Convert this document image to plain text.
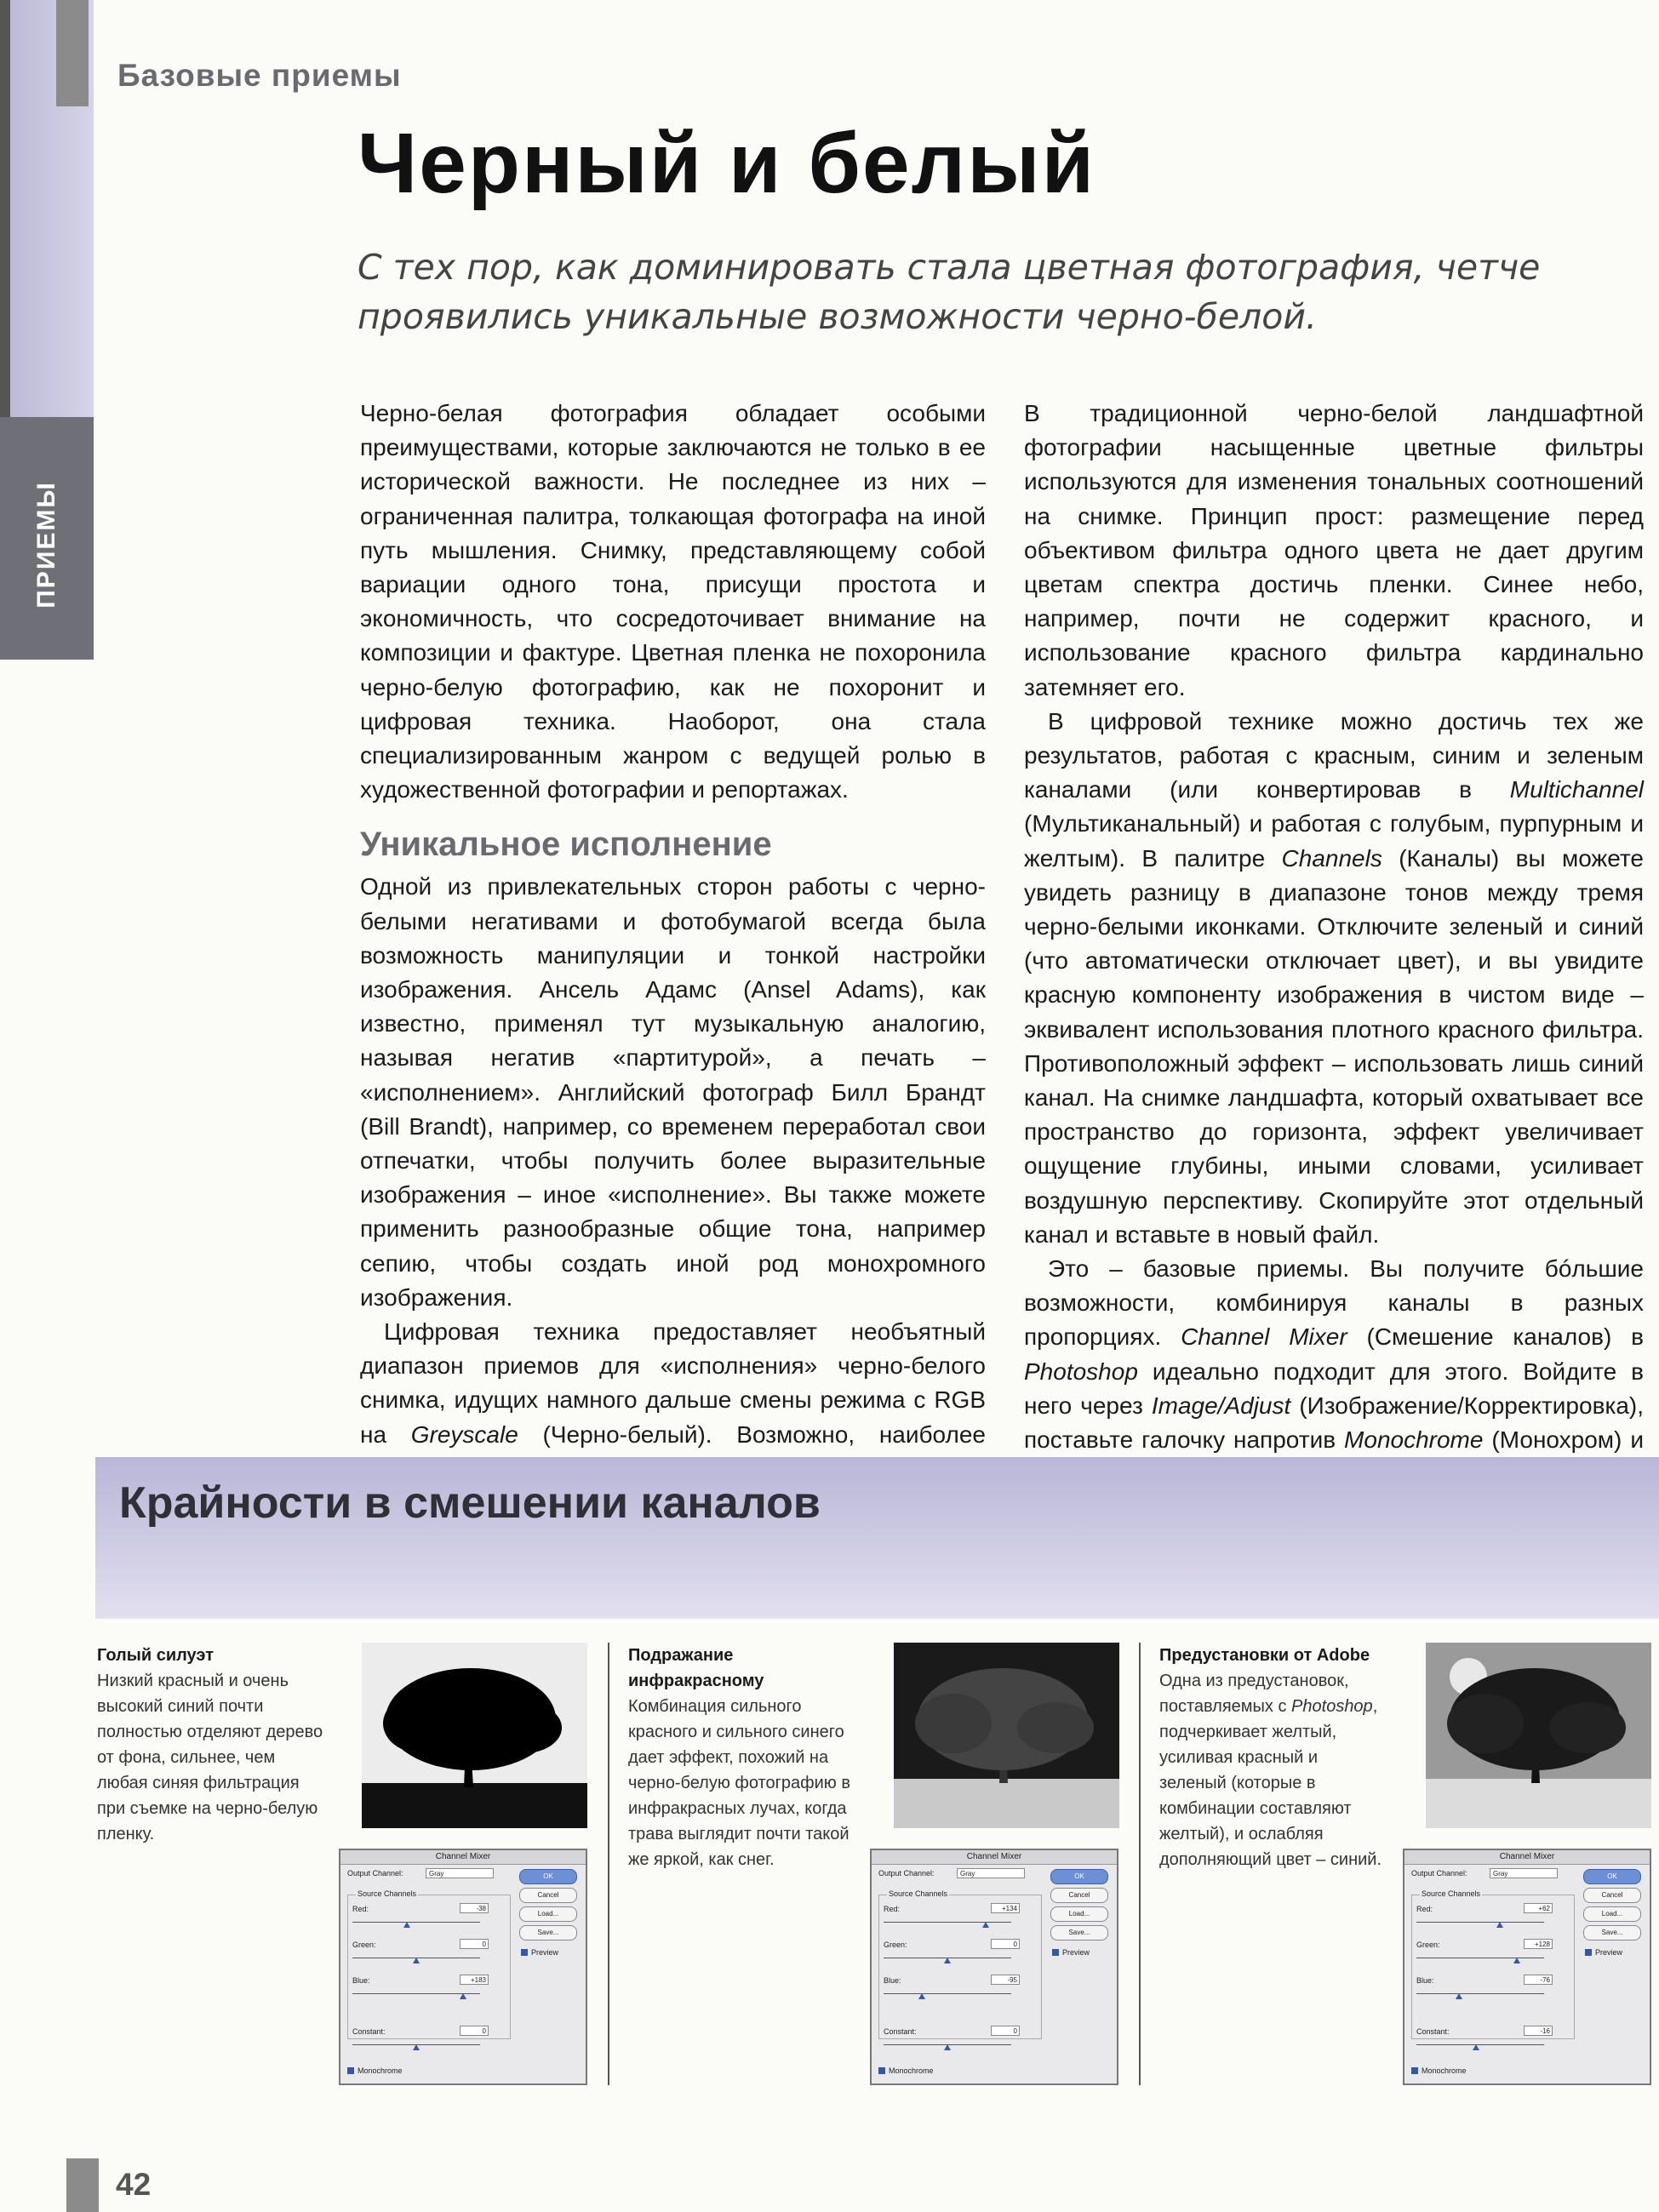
ПРИЕМЫ
Базовые приемы
Черный и белый
С тех пор, как доминировать стала цветная фотография, четче проявились уникальные возможности черно-белой.

Черно-белая фотография обладает особыми преимуществами, которые заключаются не только в ее исторической важности. Не последнее из них – ограниченная палитра, толкающая фотографа на иной путь мышления. Снимку, представляющему собой вариации одного тона, присущи простота и экономичность, что сосредоточивает внимание на композиции и фактуре. Цветная пленка не похоронила черно-белую фотографию, как не похоронит и цифровая техника. Наоборот, она стала специализированным жанром с ведущей ролью в художественной фотографии и репортажах.

Уникальное исполнение

Одной из привлекательных сторон работы с черно-белыми негативами и фотобумагой всегда была возможность манипуляции и тонкой настройки изображения. Ансель Адамс (Ansel Adams), как известно, применял тут музыкальную аналогию, называя негатив «партитурой», а печать – «исполнением». Английский фотограф Билл Брандт (Bill Brandt), например, со временем переработал свои отпечатки, чтобы получить более выразительные изображения – иное «исполнение». Вы также можете применить разнообразные общие тона, например сепию, чтобы создать иной род монохромного изображения.

Цифровая техника предоставляет необъятный диапазон приемов для «исполнения» черно-белого снимка, идущих намного дальше смены режима с RGB на Greyscale (Черно-белый). Возможно, наиболее

В традиционной черно-белой ландшафтной фотографии насыщенные цветные фильтры используются для изменения тональных соотношений на снимке. Принцип прост: размещение перед объективом фильтра одного цвета не дает другим цветам спектра достичь пленки. Синее небо, например, почти не содержит красного, и использование красного фильтра кардинально затемняет его.

В цифровой технике можно достичь тех же результатов, работая с красным, синим и зеленым каналами (или конвертировав в Multichannel (Мультиканальный) и работая с голубым, пурпурным и желтым). В палитре Channels (Каналы) вы можете увидеть разницу в диапазоне тонов между тремя черно-белыми иконками. Отключите зеленый и синий (что автоматически отключает цвет), и вы увидите красную компоненту изображения в чистом виде – эквивалент использования плотного красного фильтра. Противоположный эффект – использовать лишь синий канал. На снимке ландшафта, который охватывает все пространство до горизонта, эффект увеличивает ощущение глубины, иными словами, усиливает воздушную перспективу. Скопируйте этот отдельный канал и вставьте в новый файл.

Это – базовые приемы. Вы получите бóльшие возможности, комбинируя каналы в разных пропорциях. Channel Mixer (Смешение каналов) в Photoshop идеально подходит для этого. Войдите в него через Image/Adjust (Изображение/Корректировка), поставьте галочку напротив Monochrome (Монохром) и

Крайности в смешении каналов
Голый силуэт
Низкий красный и очень высокий синий почти полностью отделяют дерево от фона, сильнее, чем любая синяя фильтрация при съемке на черно-белую пленку.
Подражание инфракрасному
Комбинация сильного красного и сильного синего дает эффект, похожий на черно-белую фотографию в инфракрасных лучах, когда трава выглядит почти такой же яркой, как снег.
Предустановки от Adobe
Одна из предустановок, поставляемых с Photoshop, подчеркивает желтый, усиливая красный и зеленый (которые в комбинации составляют желтый), и ослабляя дополняющий цвет – синий.
Channel Mixer
Output Channel:	Gray
Source Channels
Red:	-38
Green:	0
Blue:	+183
Constant:	0
Monochrome
OK
Cancel
Load...
Save...
Preview
Channel Mixer
Output Channel:	Gray
Source Channels
Red:	+134
Green:	0
Blue:	-95
Constant:	0
Monochrome
OK
Cancel
Load...
Save...
Preview
Channel Mixer
Output Channel:	Gray
Source Channels
Red:	+62
Green:	+128
Blue:	-76
Constant:	-16
Monochrome
OK
Cancel
Load...
Save...
Preview
42
